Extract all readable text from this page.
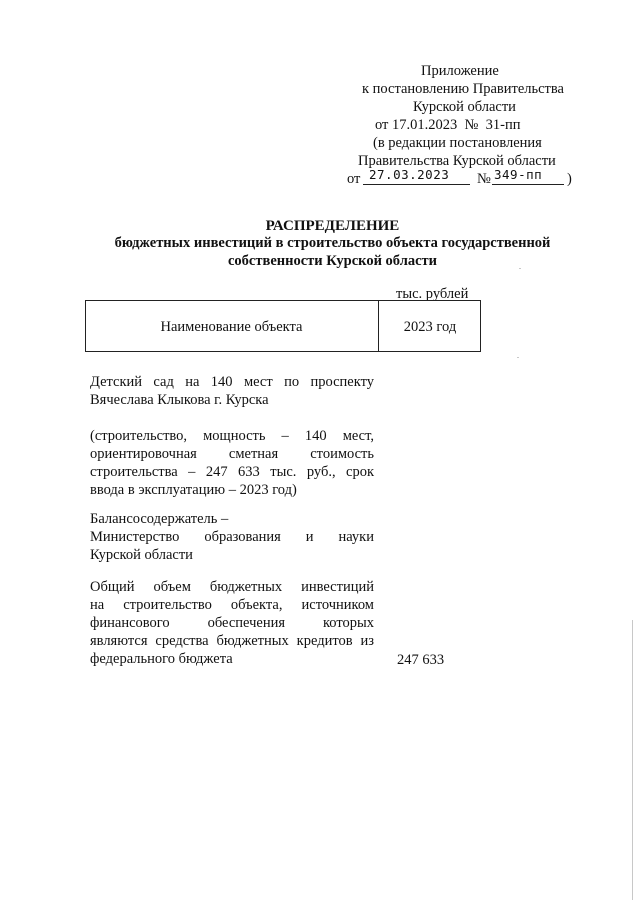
Приложение
к постановлению Правительства
Курской области
от 17.01.2023 № 31-пп
(в редакции постановления
Правительства Курской области
от 27.03.2023 № 349-пп )
РАСПРЕДЕЛЕНИЕ
бюджетных инвестиций в строительство объекта государственной
собственности Курской области
тыс. рублей
Наименование объекта	2023 год
Детский сад на 140 мест по проспекту
Вячеслава Клыкова г. Курска
(строительство, мощность – 140 мест,
ориентировочная сметная стоимость
строительства – 247 633 тыс. руб., срок
ввода в эксплуатацию – 2023 год)
Балансосодержатель –
Министерство образования и науки
Курской области
Общий объем бюджетных инвестиций
на строительство объекта, источником
финансового обеспечения которых
являются средства бюджетных кредитов из
федерального бюджета	247 633
